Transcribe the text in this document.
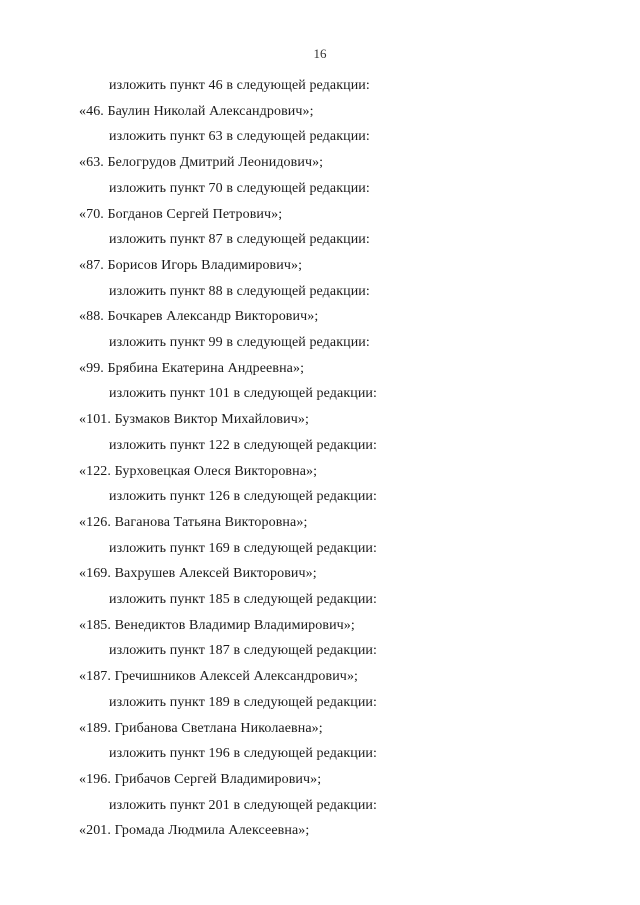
16
изложить пункт 46 в следующей редакции:
«46. Баулин Николай Александрович»;
изложить пункт 63 в следующей редакции:
«63. Белогрудов Дмитрий Леонидович»;
изложить пункт 70 в следующей редакции:
«70. Богданов Сергей Петрович»;
изложить пункт 87 в следующей редакции:
«87. Борисов Игорь Владимирович»;
изложить пункт 88 в следующей редакции:
«88. Бочкарев Александр Викторович»;
изложить пункт 99 в следующей редакции:
«99. Брябина Екатерина Андреевна»;
изложить пункт 101 в следующей редакции:
«101. Бузмаков Виктор Михайлович»;
изложить пункт 122 в следующей редакции:
«122. Бурховецкая Олеся Викторовна»;
изложить пункт 126 в следующей редакции:
«126. Ваганова Татьяна Викторовна»;
изложить пункт 169 в следующей редакции:
«169. Вахрушев Алексей Викторович»;
изложить пункт 185 в следующей редакции:
«185. Венедиктов Владимир Владимирович»;
изложить пункт 187 в следующей редакции:
«187. Гречишников Алексей Александрович»;
изложить пункт 189 в следующей редакции:
«189. Грибанова Светлана Николаевна»;
изложить пункт 196 в следующей редакции:
«196. Грибачов Сергей Владимирович»;
изложить пункт 201 в следующей редакции:
«201. Громада Людмила Алексеевна»;
